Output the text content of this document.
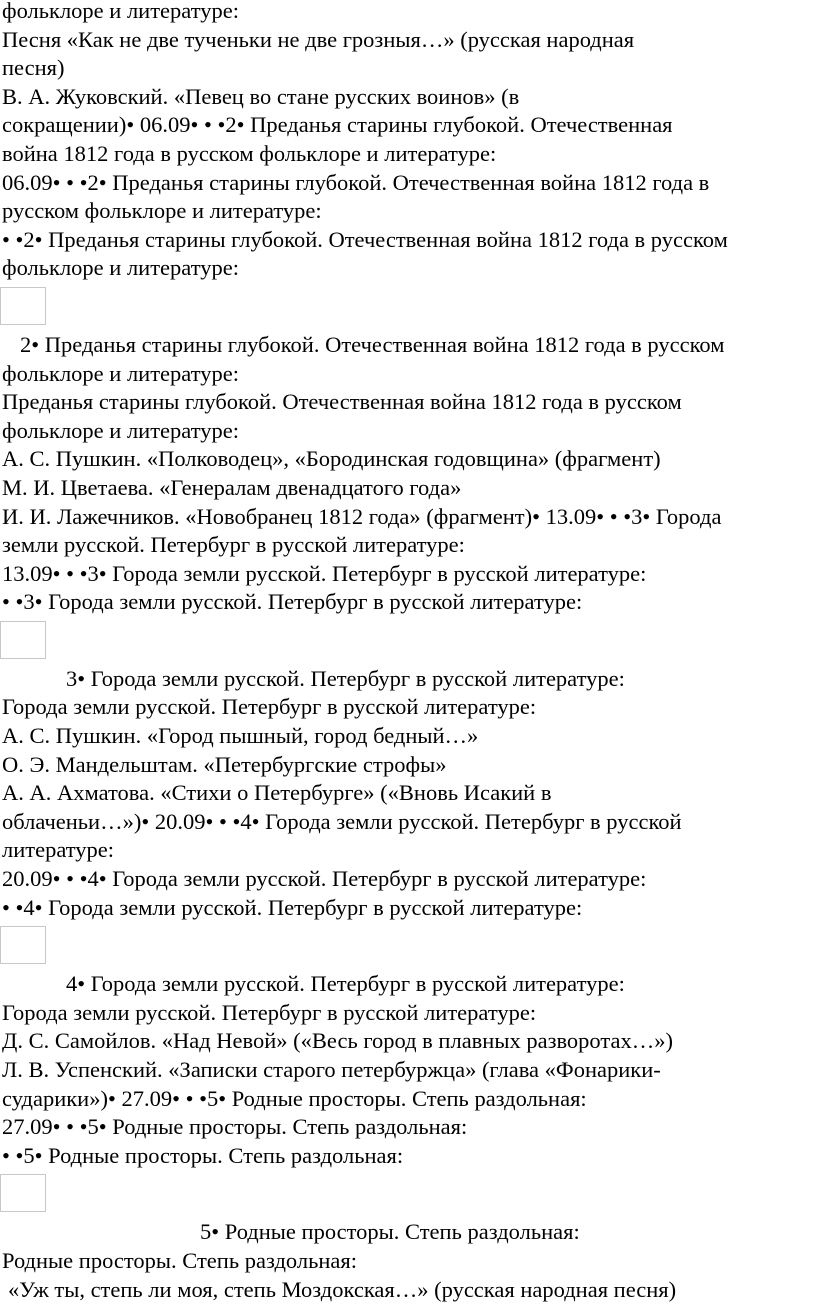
фольклоре и литературе:

Песня «Как не две тученьки не две грозныя…» (русская народная

песня)

В. А. Жуковский. «Певец во стане русских воинов» (в

сокращении)• 06.09• • •2• Преданья старины глубокой. Отечественная

война 1812 года в русском фольклоре и литературе:

06.09• • •2• Преданья старины глубокой. Отечественная война 1812 года в

русском фольклоре и литературе:

• •2• Преданья старины глубокой. Отечественная война 1812 года в русском

фольклоре и литературе:

2• Преданья старины глубокой. Отечественная война 1812 года в русском

фольклоре и литературе:

Преданья старины глубокой. Отечественная война 1812 года в русском

фольклоре и литературе:

А. С. Пушкин. «Полководец», «Бородинская годовщина» (фрагмент)

М. И. Цветаева. «Генералам двенадцатого года»

И. И. Лажечников. «Новобранец 1812 года» (фрагмент)• 13.09• • •3• Города

земли русской. Петербург в русской литературе:

13.09• • •3• Города земли русской. Петербург в русской литературе:

• •3• Города земли русской. Петербург в русской литературе:

3• Города земли русской. Петербург в русской литературе:

Города земли русской. Петербург в русской литературе:

А. С. Пушкин. «Город пышный, город бедный…»

О. Э. Мандельштам. «Петербургские строфы»

А. А. Ахматова. «Стихи о Петербурге» («Вновь Исакий в

облаченьи…»)• 20.09• • •4• Города земли русской. Петербург в русской

литературе:

20.09• • •4• Города земли русской. Петербург в русской литературе:

• •4• Города земли русской. Петербург в русской литературе:

4• Города земли русской. Петербург в русской литературе:

Города земли русской. Петербург в русской литературе:

Д. С. Самойлов. «Над Невой» («Весь город в плавных разворотах…»)

Л. В. Успенский. «Записки старого петербуржца» (глава «Фонарики-

сударики»)• 27.09• • •5• Родные просторы. Степь раздольная:

27.09• • •5• Родные просторы. Степь раздольная:

• •5• Родные просторы. Степь раздольная:

5• Родные просторы. Степь раздольная:

Родные просторы. Степь раздольная:

«Уж ты, степь ли моя, степь Моздокская…» (русская народная песня)
